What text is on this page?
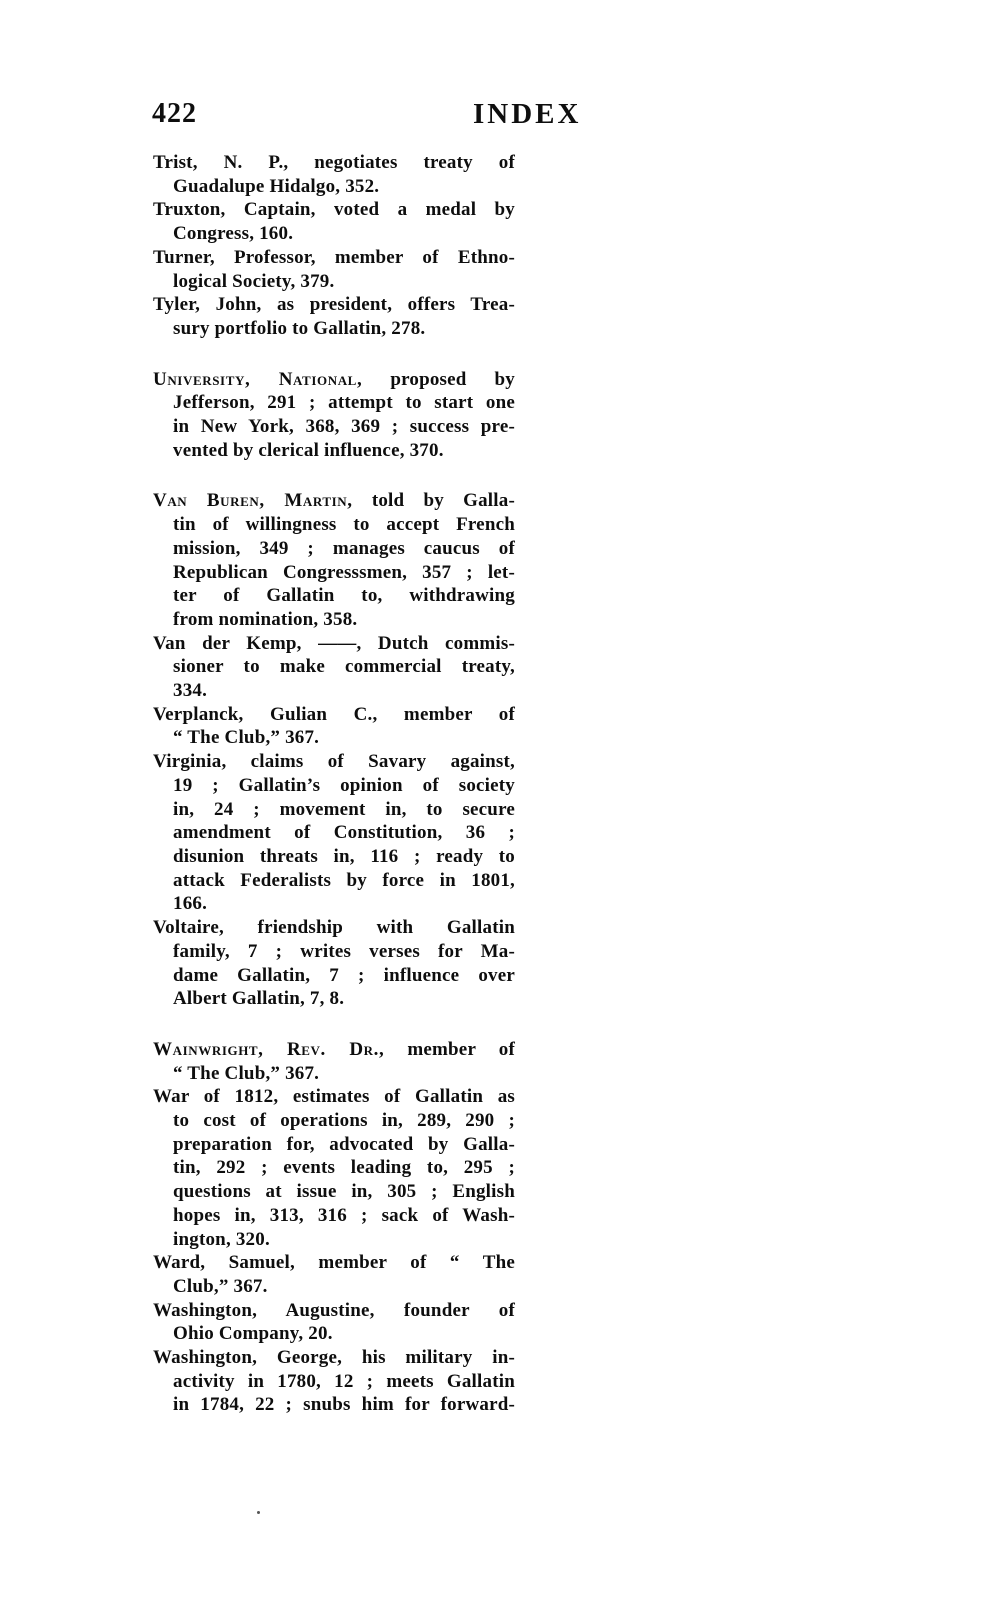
422	INDEX
Trist, N. P., negotiates treaty of
Guadalupe Hidalgo, 352.
Truxton, Captain, voted a medal by
Congress, 160.
Turner, Professor, member of Ethno-
logical Society, 379.
Tyler, John, as president, offers Trea-
sury portfolio to Gallatin, 278.
University, National, proposed by
Jefferson, 291 ; attempt to start one
in New York, 368, 369 ; success pre-
vented by clerical influence, 370.
Van Buren, Martin, told by Galla-
tin of willingness to accept French
mission, 349 ; manages caucus of
Republican Congresssmen, 357 ; let-
ter of Gallatin to, withdrawing
from nomination, 358.
Van der Kemp, ——, Dutch commis-
sioner to make commercial treaty,
334.
Verplanck, Gulian C., member of
“ The Club,” 367.
Virginia, claims of Savary against,
19 ; Gallatin’s opinion of society
in, 24 ; movement in, to secure
amendment of Constitution, 36 ;
disunion threats in, 116 ; ready to
attack Federalists by force in 1801,
166.
Voltaire, friendship with Gallatin
family, 7 ; writes verses for Ma-
dame Gallatin, 7 ; influence over
Albert Gallatin, 7, 8.
Wainwright, Rev. Dr., member of
“ The Club,” 367.
War of 1812, estimates of Gallatin as
to cost of operations in, 289, 290 ;
preparation for, advocated by Galla-
tin, 292 ; events leading to, 295 ;
questions at issue in, 305 ; English
hopes in, 313, 316 ; sack of Wash-
ington, 320.
Ward, Samuel, member of “ The
Club,” 367.
Washington, Augustine, founder of
Ohio Company, 20.
Washington, George, his military in-
activity in 1780, 12 ; meets Gallatin
in 1784, 22 ; snubs him for forward-
